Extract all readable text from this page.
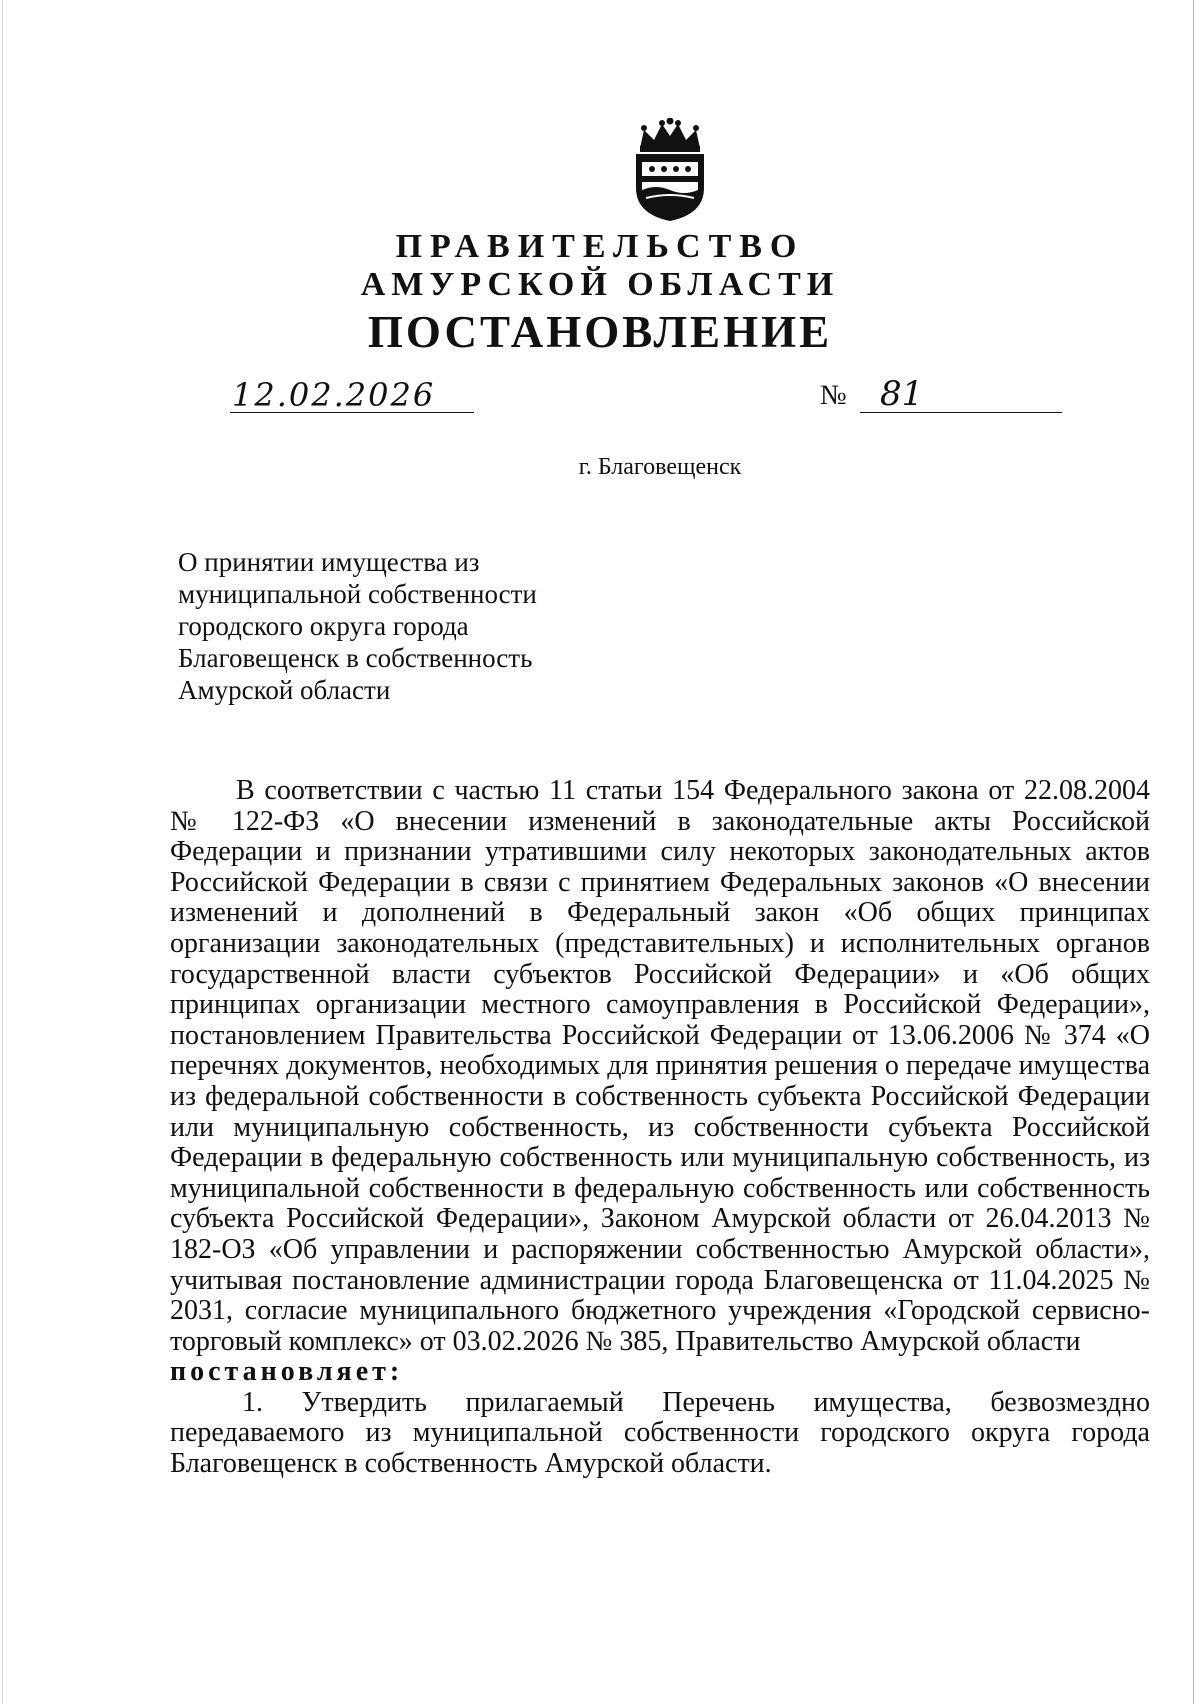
ПРАВИТЕЛЬСТВО
АМУРСКОЙ ОБЛАСТИ
ПОСТАНОВЛЕНИЕ
12.02.2026	№ 81
г. Благовещенск
О принятии имущества из
муниципальной собственности
городского округа города
Благовещенск в собственность
Амурской области

В соответствии с частью 11 статьи 154 Федерального закона от 22.08.2004 № 122-ФЗ «О внесении изменений в законодательные акты Российской Федерации и признании утратившими силу некоторых законодательных актов Российской Федерации в связи с принятием Федеральных законов «О внесении изменений и дополнений в Федеральный закон «Об общих принципах организации законодательных (представительных) и исполнительных органов государственной власти субъектов Российской Федерации» и «Об общих принципах организации местного самоуправления в Российской Федерации», постановлением Правительства Российской Федерации от 13.06.2006 № 374 «О перечнях документов, необходимых для принятия решения о передаче имущества из федеральной собственности в собственность субъекта Российской Федерации или муниципальную собственность, из собственности субъекта Российской Федерации в федеральную собственность или муниципальную собственность, из муниципальной собственности в федеральную собственность или собственность субъекта Российской Федерации», Законом Амурской области от 26.04.2013 № 182-ОЗ «Об управлении и распоряжении собственностью Амурской области», учитывая постановление администрации города Благовещенска от 11.04.2025 № 2031, согласие муниципального бюджетного учреждения «Городской сервисно-торговый комплекс» от 03.02.2026 № 385, Правительство Амурской области

постановляет:

1. Утвердить прилагаемый Перечень имущества, безвозмездно передаваемого из муниципальной собственности городского округа города Благовещенск в собственность Амурской области.
